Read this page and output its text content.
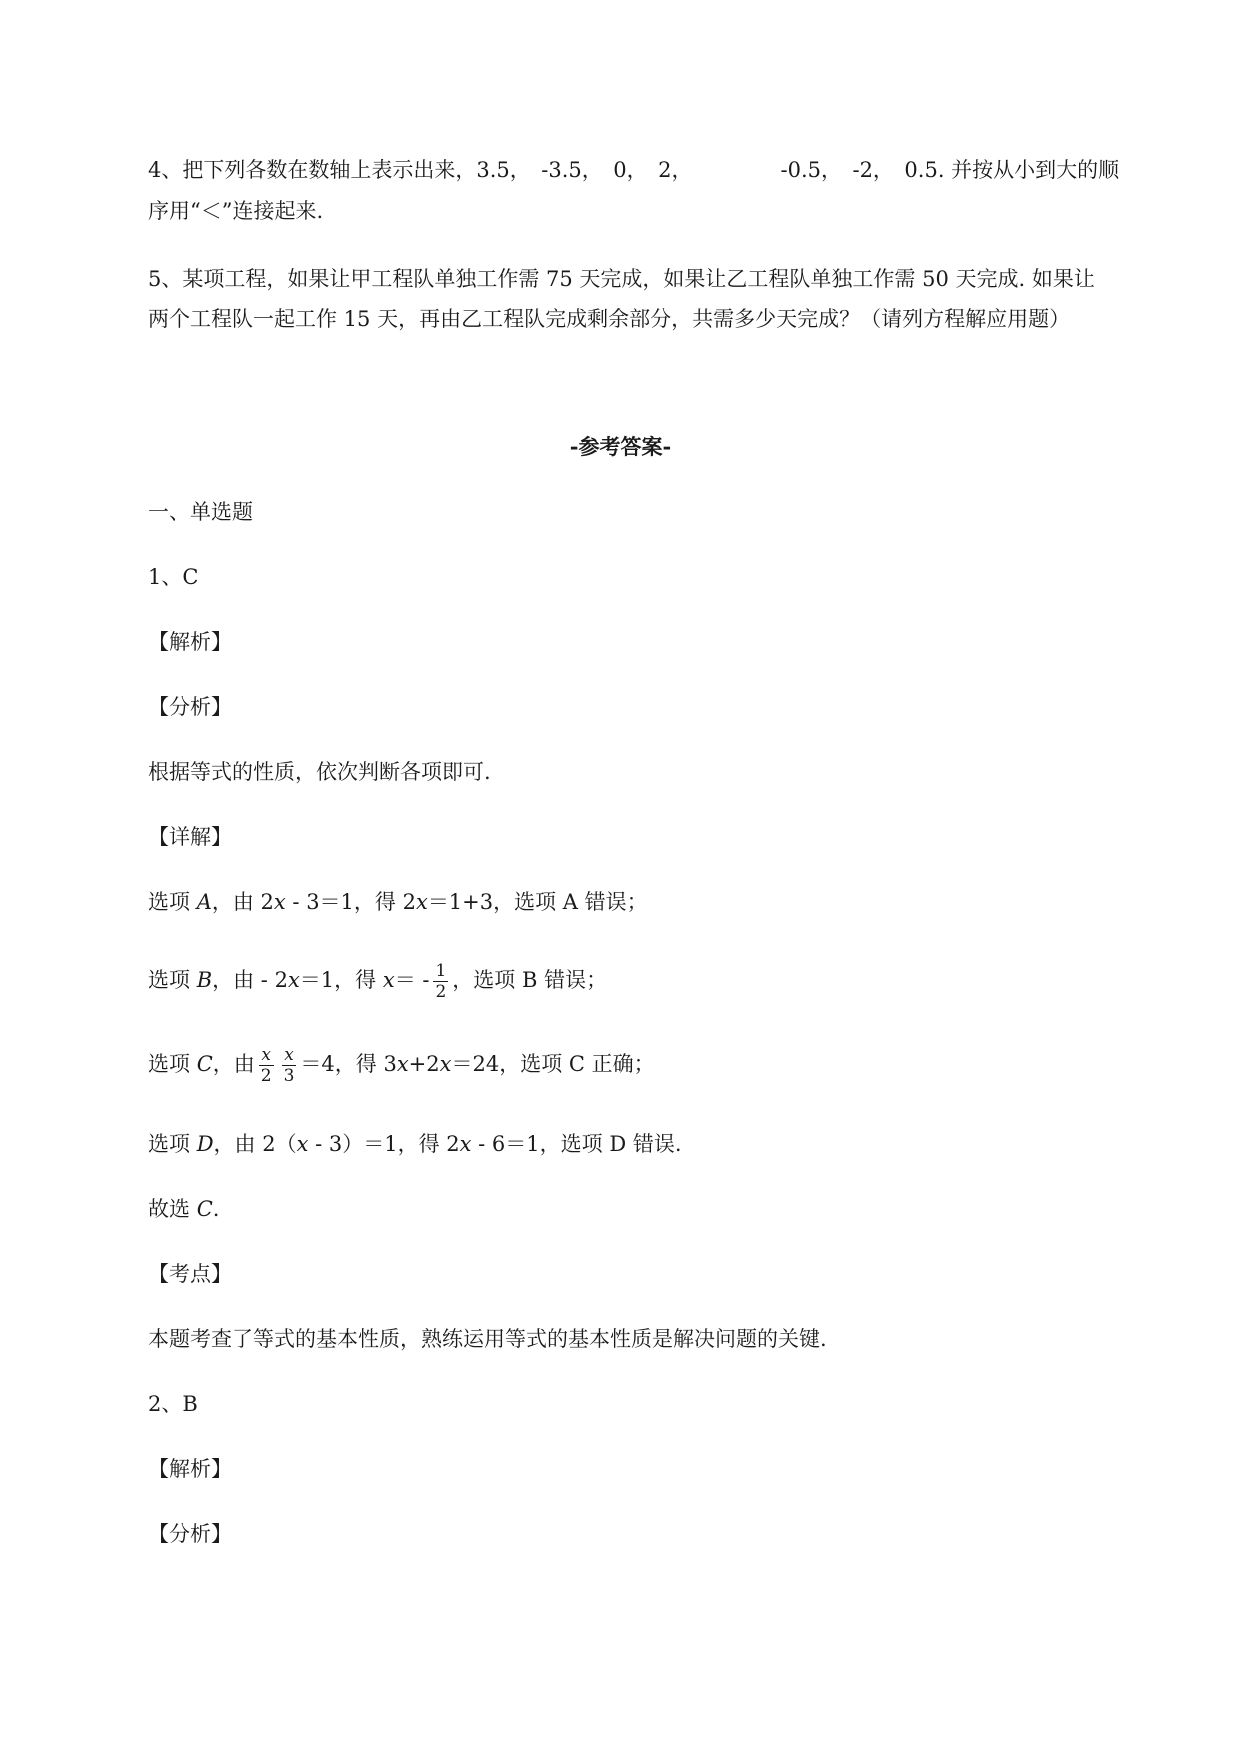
4、把下列各数在数轴上表示出来，3.5，　-3.5，　0，　2，	-0.5，　-2，　0.5. 并按从小到大的顺
序用“＜”连接起来.
5、某项工程，如果让甲工程队单独工作需 75 天完成，如果让乙工程队单独工作需 50 天完成. 如果让
两个工程队一起工作 15 天，再由乙工程队完成剩余部分，共需多少天完成？（请列方程解应用题）
-参考答案-
一、单选题
1、C
【解析】
【分析】
根据等式的性质，依次判断各项即可.
【详解】
选项 A，由 2x - 3＝1，得 2x＝1+3，选项 A 错误；
选项 B，由 - 2x＝1，得 $x= - \frac{1}{2}$ ，选项 B 错误；
选项 C，由 $\frac{x}{2} \frac{x}{3} =4$，得 3x+2x＝24，选项 C 正确；
选项 D，由 2（x - 3）＝1，得 2x - 6＝1，选项 D 错误.
故选 C.
【考点】
本题考查了等式的基本性质，熟练运用等式的基本性质是解决问题的关键.
2、B
【解析】
【分析】
